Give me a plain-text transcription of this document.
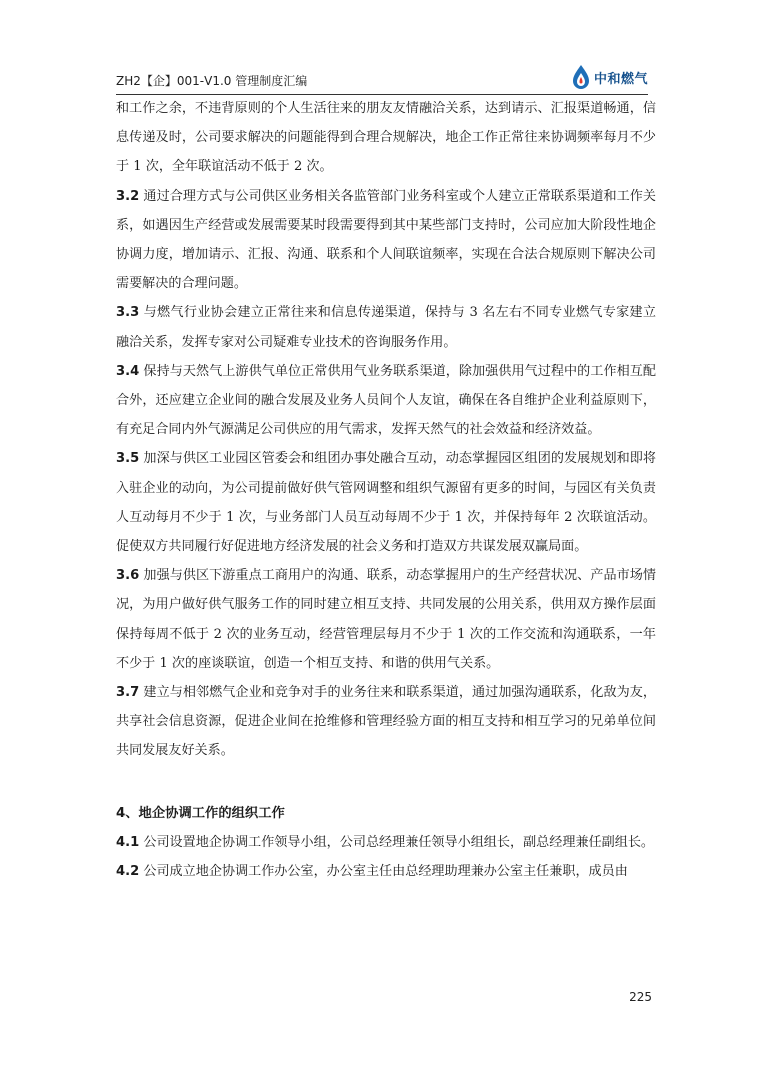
ZH2【企】001-V1.0 管理制度汇编	中和燃气

和工作之余，不违背原则的个人生活往来的朋友友情融洽关系，达到请示、汇报渠道畅通，信息传递及时，公司要求解决的问题能得到合理合规解决，地企工作正常往来协调频率每月不少于 1 次，全年联谊活动不低于 2 次。

3.2 通过合理方式与公司供区业务相关各监管部门业务科室或个人建立正常联系渠道和工作关系，如遇因生产经营或发展需要某时段需要得到其中某些部门支持时，公司应加大阶段性地企协调力度，增加请示、汇报、沟通、联系和个人间联谊频率，实现在合法合规原则下解决公司需要解决的合理问题。

3.3 与燃气行业协会建立正常往来和信息传递渠道，保持与 3 名左右不同专业燃气专家建立融洽关系，发挥专家对公司疑难专业技术的咨询服务作用。

3.4 保持与天然气上游供气单位正常供用气业务联系渠道，除加强供用气过程中的工作相互配合外，还应建立企业间的融合发展及业务人员间个人友谊，确保在各自维护企业利益原则下，有充足合同内外气源满足公司供应的用气需求，发挥天然气的社会效益和经济效益。

3.5 加深与供区工业园区管委会和组团办事处融合互动，动态掌握园区组团的发展规划和即将入驻企业的动向，为公司提前做好供气管网调整和组织气源留有更多的时间，与园区有关负责人互动每月不少于 1 次，与业务部门人员互动每周不少于 1 次，并保持每年 2 次联谊活动。促使双方共同履行好促进地方经济发展的社会义务和打造双方共谋发展双赢局面。

3.6 加强与供区下游重点工商用户的沟通、联系，动态掌握用户的生产经营状况、产品市场情况，为用户做好供气服务工作的同时建立相互支持、共同发展的公用关系，供用双方操作层面保持每周不低于 2 次的业务互动，经营管理层每月不少于 1 次的工作交流和沟通联系，一年不少于 1 次的座谈联谊，创造一个相互支持、和谐的供用气关系。

3.7 建立与相邻燃气企业和竞争对手的业务往来和联系渠道，通过加强沟通联系，化敌为友，共享社会信息资源，促进企业间在抢维修和管理经验方面的相互支持和相互学习的兄弟单位间共同发展友好关系。

4、地企协调工作的组织工作

4.1 公司设置地企协调工作领导小组，公司总经理兼任领导小组组长，副总经理兼任副组长。

4.2 公司成立地企协调工作办公室，办公室主任由总经理助理兼办公室主任兼职，成员由

225
